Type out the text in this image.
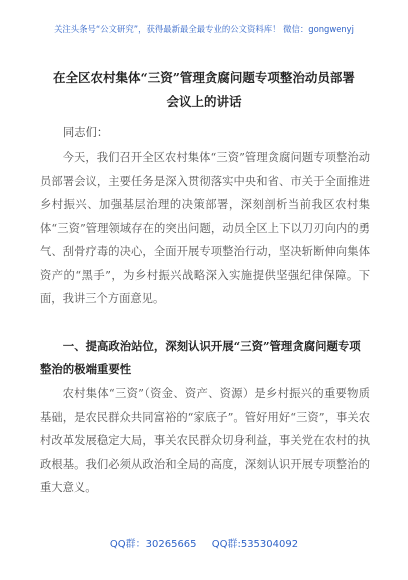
关注头条号“公文研究”，获得最新最全最专业的公文资料库！ 微信：gongwenyj
在全区农村集体“三资”管理贪腐问题专项整治动员部署
会议上的讲话
同志们：

今天，我们召开全区农村集体“三资”管理贪腐问题专项整治动员部署会议，主要任务是深入贯彻落实中央和省、市关于全面推进乡村振兴、加强基层治理的决策部署，深刻剖析当前我区农村集体“三资”管理领域存在的突出问题，动员全区上下以刀刃向内的勇气、刮骨疗毒的决心，全面开展专项整治行动，坚决斩断伸向集体资产的“黑手”，为乡村振兴战略深入实施提供坚强纪律保障。下面，我讲三个方面意见。

一、提高政治站位，深刻认识开展“三资”管理贪腐问题专项整治的极端重要性

农村集体“三资”（资金、资产、资源）是乡村振兴的重要物质基础，是农民群众共同富裕的“家底子”。管好用好“三资”，事关农村改革发展稳定大局，事关农民群众切身利益，事关党在农村的执政根基。我们必须从政治和全局的高度，深刻认识开展专项整治的重大意义。

QQ群：30265665 QQ群:535304092
